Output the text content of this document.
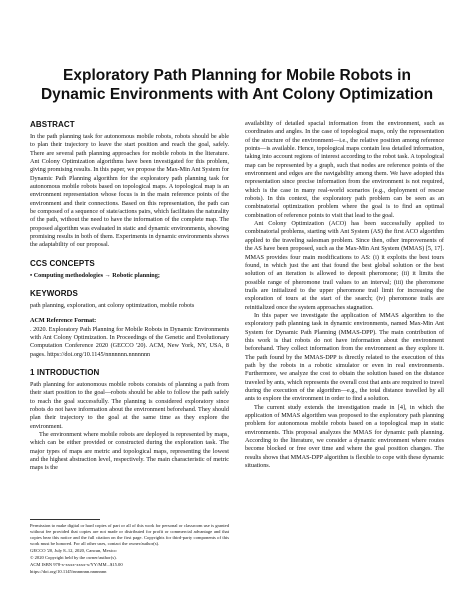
Exploratory Path Planning for Mobile Robots in Dynamic Environments with Ant Colony Optimization
ABSTRACT

In the path planning task for autonomous mobile robots, robots should be able to plan their trajectory to leave the start position and reach the goal, safely. There are several path planning approaches for mobile robots in the literature. Ant Colony Optimization algorithms have been investigated for this problem, giving promising results. In this paper, we propose the Max-Min Ant System for Dynamic Path Planning algorithm for the exploratory path planning task for autonomous mobile robots based on topological maps. A topological map is an environment representation whose focus is in the main reference points of the environment and their connections. Based on this representation, the path can be composed of a sequence of state/actions pairs, which facilitates the naturality of the path, without the need to have the information of the complete map. The proposed algorithm was evaluated in static and dynamic environments, showing promising results in both of them. Experiments in dynamic environments shows the adaptability of our proposal.

CCS CONCEPTS
• Computing methodologies → Robotic planning;
KEYWORDS

path planning, exploration, ant colony optimization, mobile robots

ACM Reference Format:
. 2020. Exploratory Path Planning for Mobile Robots in Dynamic Environments with Ant Colony Optimization. In Proceedings of the Genetic and Evolutionary Computation Conference 2020 (GECCO '20). ACM, New York, NY, USA, 8 pages. https://doi.org/10.1145/nnnnnnn.nnnnnnn
1 INTRODUCTION

Path planning for autonomous mobile robots consists of planning a path from their start position to the goal—robots should be able to follow the path safely to reach the goal successfully. The planning is considered exploratory since robots do not have information about the environment beforehand. They should plan their trajectory to the goal at the same time as they explore the environment.

The environment where mobile robots are deployed is represented by maps, which can be either provided or constructed during the exploration task. The major types of maps are metric and topological maps, representing the lowest and the highest abstraction level, respectively. The main characteristic of metric maps is the

availability of detailed spacial information from the environment, such as coordinates and angles. In the case of topological maps, only the representation of the structure of the environment—i.e., the relative position among reference points—is available. Hence, topological maps contain less detailed information, taking into account regions of interest according to the robot task. A topological map can be represented by a graph, such that nodes are reference points of the environment and edges are the navigability among them. We have adopted this representation since precise information from the environment is not required, which is the case in many real-world scenarios (e.g., deployment of rescue robots). In this context, the exploratory path problem can be seen as an combinatorial optimization problem where the goal is to find an optimal combination of reference points to visit that lead to the goal.

Ant Colony Optimization (ACO) has been successfully applied to combinatorial problems, starting with Ant System (AS) the first ACO algorithm applied to the traveling salesman problem. Since then, other improvements of the AS have been proposed, such as the Max-Min Ant System (MMAS) [5, 17]. MMAS provides four main modifications to AS: (i) it exploits the best tours found, in which just the ant that found the best global solution or the best solution of an iteration is allowed to deposit pheromone; (ii) it limits the possible range of pheromone trail values to an interval; (iii) the pheromone trails are initialized to the upper pheromone trail limit for increasing the exploration of tours at the start of the search; (iv) pheromone trails are reinitialized once the system approaches stagnation.

In this paper we investigate the application of MMAS algorithm to the exploratory path planning task in dynamic environments, named Max-Min Ant System for Dynamic Path Planning (MMAS-DPP). The main contribution of this work is that robots do not have information about the environment beforehand. They collect information from the environment as they explore it. The path found by the MMAS-DPP is directly related to the execution of this path by the robots in a robotic simulator or even in real environments. Furthermore, we analyze the cost to obtain the solution based on the distance traveled by ants, which represents the overall cost that ants are required to travel during the execution of the algorithm—e.g., the total distance travelled by all ants to explore the environment in order to find a solution.

The current study extends the investigation made in [4], in which the application of MMAS algorithm was proposed to the exploratory path planning problem for autonomous mobile robots based on a topological map in static environments. This proposal analyzes the MMAS for dynamic path planning. According to the literature, we consider a dynamic environment where routes become blocked or free over time and where the goal position changes. The results shows that MMAS-DPP algorithm is flexible to cope with these dynamic situations.

Permission to make digital or hard copies of part or all of this work for personal or classroom use is granted without fee provided that copies are not made or distributed for profit or commercial advantage and that copies bear this notice and the full citation on the first page. Copyrights for third-party components of this work must be honored. For all other uses, contact the owner/author(s).

GECCO '20, July 8–12, 2020, Cancun, Mexico

© 2020 Copyright held by the owner/author(s).

ACM ISBN 978-x-xxxx-xxxx-x/YY/MM...$15.00

https://doi.org/10.1145/nnnnnnn.nnnnnnn
